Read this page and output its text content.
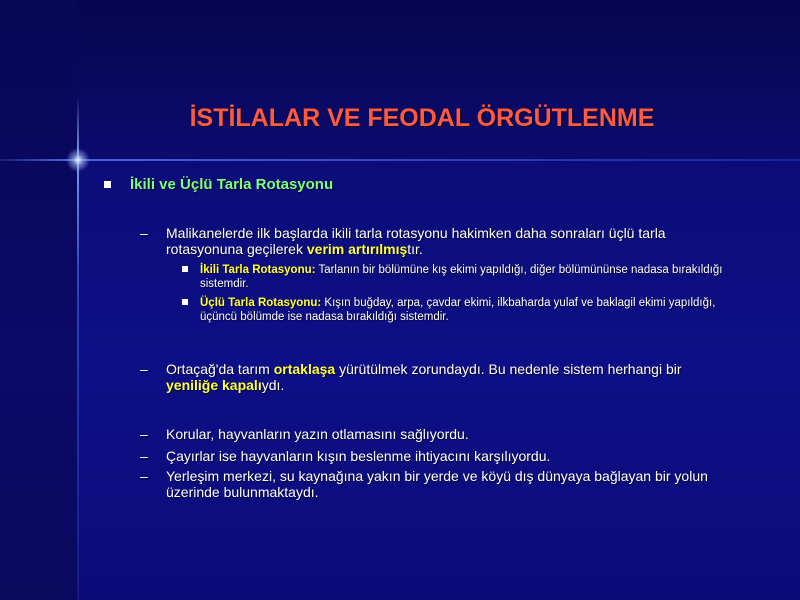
İSTİLALAR VE FEODAL ÖRGÜTLENME
İkili ve Üçlü Tarla Rotasyonu
– Malikanelerde ilk başlarda ikili tarla rotasyonu hakimken daha sonraları üçlü tarla rotasyonuna geçilerek verim artırılmıştır.
İkili Tarla Rotasyonu: Tarlanın bir bölümüne kış ekimi yapıldığı, diğer bölümününse nadasa bırakıldığı sistemdir.
Üçlü Tarla Rotasyonu: Kışın buğday, arpa, çavdar ekimi, ilkbaharda yulaf ve baklagil ekimi yapıldığı, üçüncü bölümde ise nadasa bırakıldığı sistemdir.
– Ortaçağ'da tarım ortaklaşa yürütülmek zorundaydı. Bu nedenle sistem herhangi bir yeniliğe kapalıydı.
– Korular, hayvanların yazın otlamasını sağlıyordu.
– Çayırlar ise hayvanların kışın beslenme ihtiyacını karşılıyordu.
– Yerleşim merkezi, su kaynağına yakın bir yerde ve köyü dış dünyaya bağlayan bir yolun üzerinde bulunmaktaydı.
